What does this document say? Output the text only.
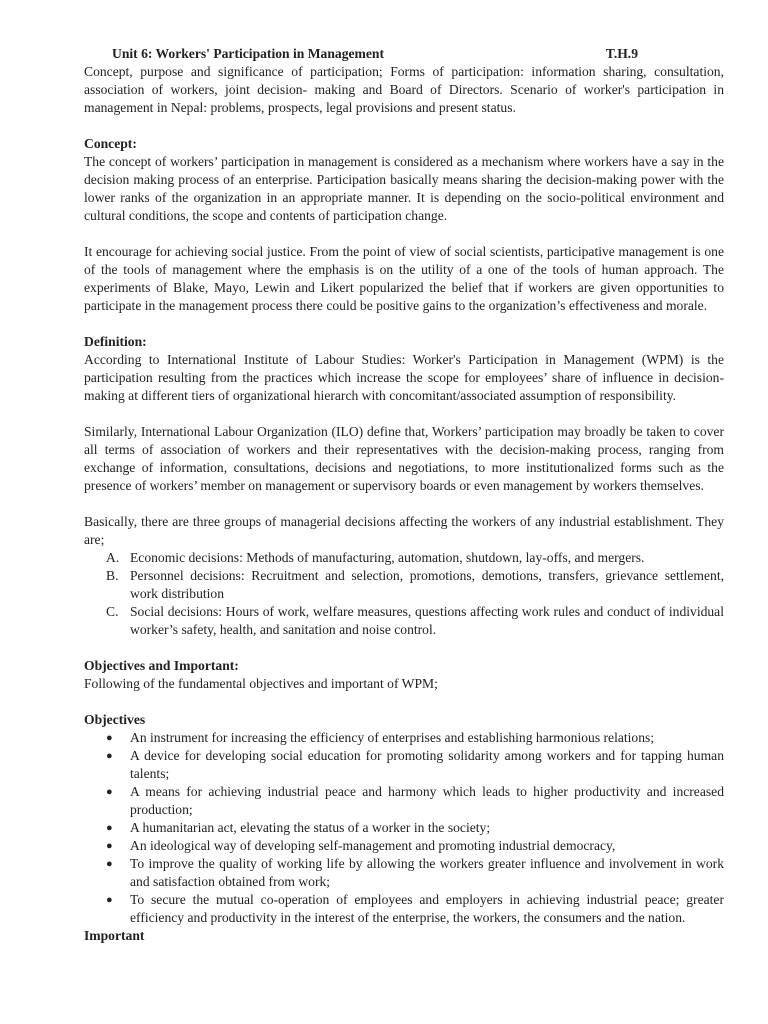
Unit 6: Workers' Participation in Management	T.H.9

Concept, purpose and significance of participation; Forms of participation: information sharing, consultation, association of workers, joint decision- making and Board of Directors. Scenario of worker's participation in management in Nepal: problems, prospects, legal provisions and present status.

Concept:

The concept of workers’ participation in management is considered as a mechanism where workers have a say in the decision making process of an enterprise. Participation basically means sharing the decision-making power with the lower ranks of the organization in an appropriate manner. It is depending on the socio-political environment and cultural conditions, the scope and contents of participation change.

It encourage for achieving social justice. From the point of view of social scientists, participative management is one of the tools of management where the emphasis is on the utility of a one of the tools of human approach. The experiments of Blake, Mayo, Lewin and Likert popularized the belief that if workers are given opportunities to participate in the management process there could be positive gains to the organization’s effectiveness and morale.

Definition:

According to International Institute of Labour Studies: Worker's Participation in Management (WPM) is the participation resulting from the practices which increase the scope for employees’ share of influence in decision-making at different tiers of organizational hierarch with concomitant/associated assumption of responsibility.

Similarly, International Labour Organization (ILO) define that, Workers’ participation may broadly be taken to cover all terms of association of workers and their representatives with the decision-making process, ranging from exchange of information, consultations, decisions and negotiations, to more institutionalized forms such as the presence of workers’ member on management or supervisory boards or even management by workers themselves.

Basically, there are three groups of managerial decisions affecting the workers of any industrial establishment. They are;

A. Economic decisions: Methods of manufacturing, automation, shutdown, lay-offs, and mergers.
B. Personnel decisions: Recruitment and selection, promotions, demotions, transfers, grievance settlement, work distribution
C. Social decisions: Hours of work, welfare measures, questions affecting work rules and conduct of individual worker’s safety, health, and sanitation and noise control.

Objectives and Important:

Following of the fundamental objectives and important of WPM;

Objectives

● An instrument for increasing the efficiency of enterprises and establishing harmonious relations;
● A device for developing social education for promoting solidarity among workers and for tapping human talents;
● A means for achieving industrial peace and harmony which leads to higher productivity and increased production;
● A humanitarian act, elevating the status of a worker in the society;
● An ideological way of developing self-management and promoting industrial democracy,
● To improve the quality of working life by allowing the workers greater influence and involvement in work and satisfaction obtained from work;
● To secure the mutual co-operation of employees and employers in achieving industrial peace; greater efficiency and productivity in the interest of the enterprise, the workers, the consumers and the nation.

Important
